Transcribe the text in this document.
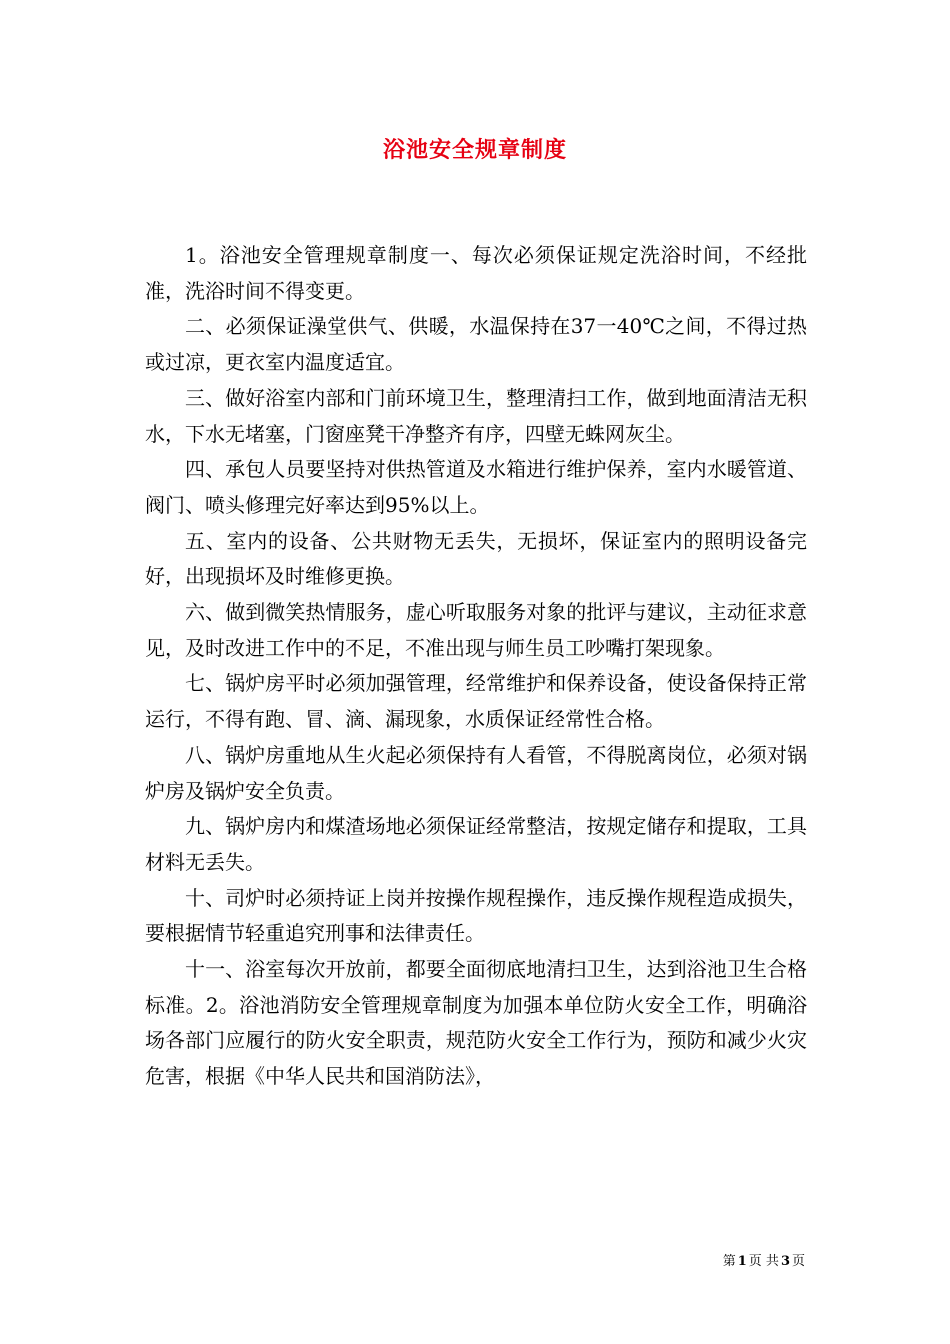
浴池安全规章制度

1。浴池安全管理规章制度一、每次必须保证规定洗浴时间，不经批准，洗浴时间不得变更。

二、必须保证澡堂供气、供暖，水温保持在37一40℃之间，不得过热或过凉，更衣室内温度适宜。

三、做好浴室内部和门前环境卫生，整理清扫工作，做到地面清洁无积水，下水无堵塞，门窗座凳干净整齐有序，四壁无蛛网灰尘。

四、承包人员要坚持对供热管道及水箱进行维护保养，室内水暖管道、阀门、喷头修理完好率达到95%以上。

五、室内的设备、公共财物无丢失，无损坏，保证室内的照明设备完好，出现损坏及时维修更换。

六、做到微笑热情服务，虚心听取服务对象的批评与建议，主动征求意见，及时改进工作中的不足，不准出现与师生员工吵嘴打架现象。

七、锅炉房平时必须加强管理，经常维护和保养设备，使设备保持正常运行，不得有跑、冒、滴、漏现象，水质保证经常性合格。

八、锅炉房重地从生火起必须保持有人看管，不得脱离岗位，必须对锅炉房及锅炉安全负责。

九、锅炉房内和煤渣场地必须保证经常整洁，按规定储存和提取，工具材料无丢失。

十、司炉时必须持证上岗并按操作规程操作，违反操作规程造成损失，要根据情节轻重追究刑事和法律责任。

十一、浴室每次开放前，都要全面彻底地清扫卫生，达到浴池卫生合格标准。2。浴池消防安全管理规章制度为加强本单位防火安全工作，明确浴场各部门应履行的防火安全职责，规范防火安全工作行为，预防和减少火灾危害，根据《中华人民共和国消防法》，

第 1 页 共 3 页
